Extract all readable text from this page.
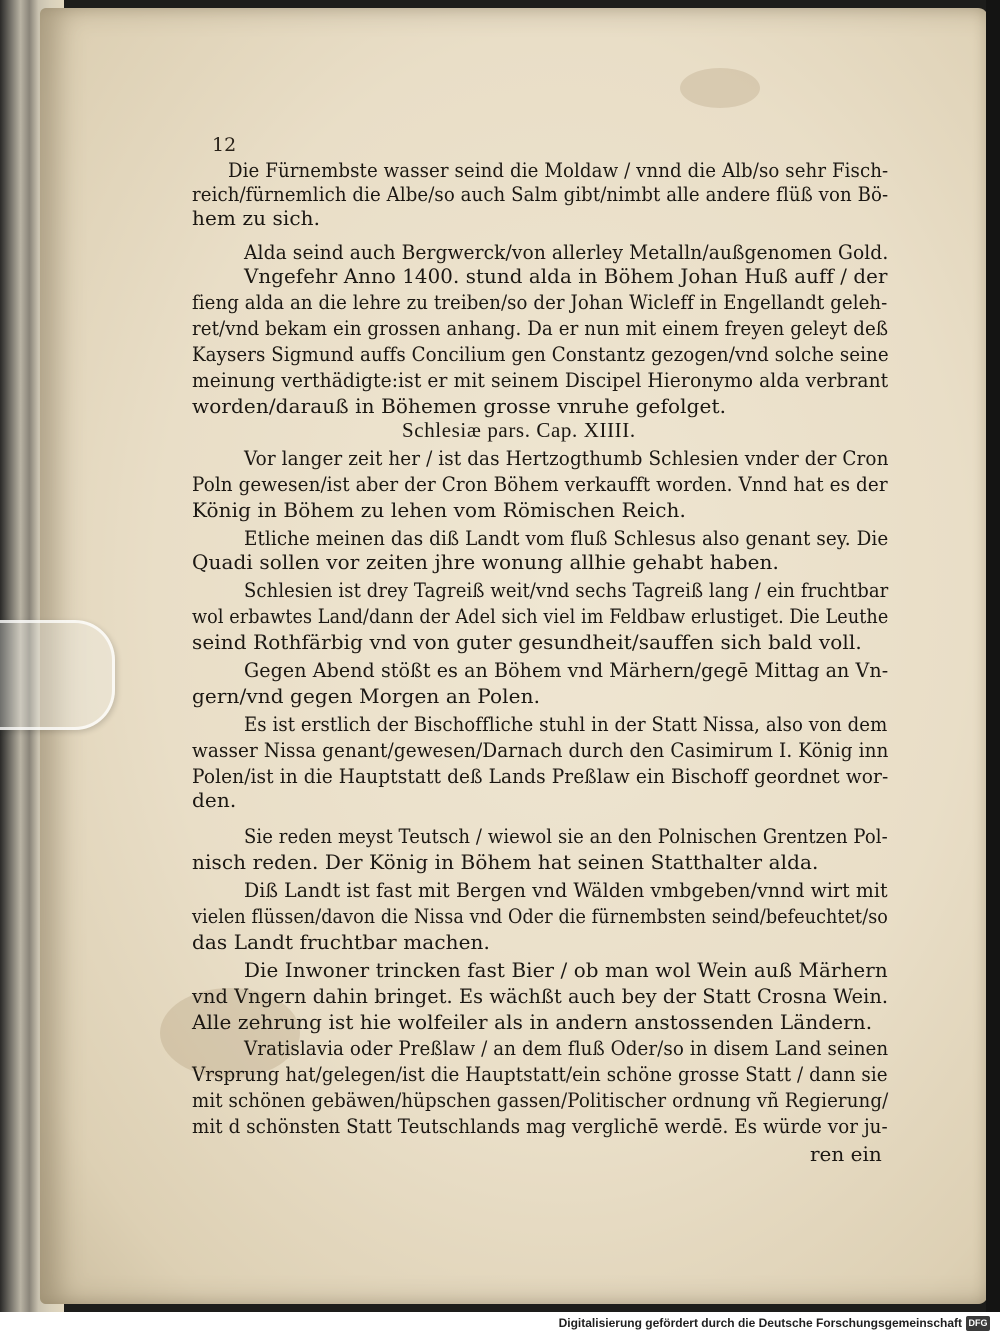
12
Die Fürnembste wasser seind die Moldaw / vnnd die Alb/so sehr Fisch-
reich/fürnemlich die Albe/so auch Salm gibt/nimbt alle andere flüß von Bö-
hem zu sich.
Alda seind auch Bergwerck/von allerley Metalln/außgenomen Gold.
Vngefehr Anno 1400. stund alda in Böhem Johan Huß auff / der
fieng alda an die lehre zu treiben/so der Johan Wicleff in Engellandt geleh-
ret/vnd bekam ein grossen anhang. Da er nun mit einem freyen geleyt deß
Kaysers Sigmund auffs Concilium gen Constantz gezogen/vnd solche seine
meinung verthädigte:ist er mit seinem Discipel Hieronymo alda verbrant
worden/darauß in Böhemen grosse vnruhe gefolget.
Schlesiæ pars. Cap. XIIII.
Vor langer zeit her / ist das Hertzogthumb Schlesien vnder der Cron
Poln gewesen/ist aber der Cron Böhem verkaufft worden. Vnnd hat es der
König in Böhem zu lehen vom Römischen Reich.
Etliche meinen das diß Landt vom fluß Schlesus also genant sey. Die
Quadi sollen vor zeiten jhre wonung allhie gehabt haben.
Schlesien ist drey Tagreiß weit/vnd sechs Tagreiß lang / ein fruchtbar
wol erbawtes Land/dann der Adel sich viel im Feldbaw erlustiget. Die Leuthe
seind Rothfärbig vnd von guter gesundheit/sauffen sich bald voll.
Gegen Abend stößt es an Böhem vnd Märhern/gegē Mittag an Vn-
gern/vnd gegen Morgen an Polen.
Es ist erstlich der Bischoffliche stuhl in der Statt Nissa, also von dem
wasser Nissa genant/gewesen/Darnach durch den Casimirum I. König inn
Polen/ist in die Hauptstatt deß Lands Preßlaw ein Bischoff geordnet wor-
den.
Sie reden meyst Teutsch / wiewol sie an den Polnischen Grentzen Pol-
nisch reden. Der König in Böhem hat seinen Statthalter alda.
Diß Landt ist fast mit Bergen vnd Wälden vmbgeben/vnnd wirt mit
vielen flüssen/davon die Nissa vnd Oder die fürnembsten seind/befeuchtet/so
das Landt fruchtbar machen.
Die Inwoner trincken fast Bier / ob man wol Wein auß Märhern
vnd Vngern dahin bringet. Es wächßt auch bey der Statt Crosna Wein.
Alle zehrung ist hie wolfeiler als in andern anstossenden Ländern.
Vratislavia oder Preßlaw / an dem fluß Oder/so in disem Land seinen
Vrsprung hat/gelegen/ist die Hauptstatt/ein schöne grosse Statt / dann sie
mit schönen gebäwen/hüpschen gassen/Politischer ordnung vñ Regierung/
mit d schönsten Statt Teutschlands mag verglichē werdē. Es würde vor ju-
ren ein
Digitalisierung gefördert durch die Deutsche Forschungsgemeinschaft DFG
